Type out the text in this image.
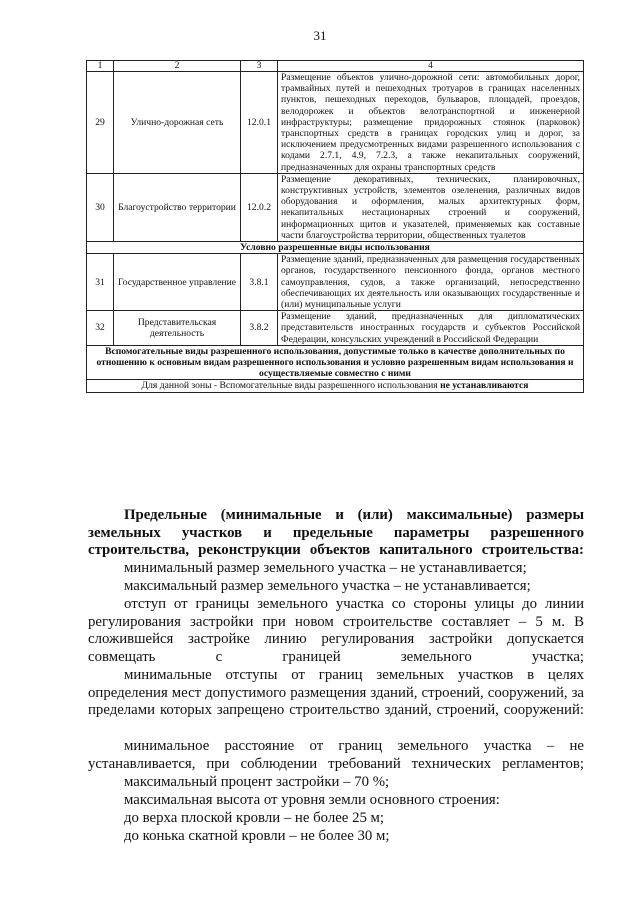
31
1	2	3	4
29	Улично-дорожная сеть	12.0.1	Размещение объектов улично-дорожной сети: автомобильных дорог, трамвайных путей и пешеходных тротуаров в границах населенных пунктов, пешеходных переходов, бульваров, площадей, проездов, велодорожек и объектов велотранспортной и инженерной инфраструктуры; размещение придорожных стоянок (парковок) транспортных средств в границах городских улиц и дорог, за исключением предусмотренных видами разрешенного использования с кодами 2.7.1, 4.9, 7.2.3, а также некапитальных сооружений, предназначенных для охраны транспортных средств
30	Благоустройство территории	12.0.2	Размещение декоративных, технических, планировочных, конструктивных устройств, элементов озеленения, различных видов оборудования и оформления, малых архитектурных форм, некапитальных нестационарных строений и сооружений, информационных щитов и указателей, применяемых как составные части благоустройства территории, общественных туалетов
Условно разрешенные виды использования			
31	Государственное управление	3.8.1	Размещение зданий, предназначенных для размещения государственных органов, государственного пенсионного фонда, органов местного самоуправления, судов, а также организаций, непосредственно обеспечивающих их деятельность или оказывающих государственные и (или) муниципальные услуги
32	Представительская деятельность	3.8.2	Размещение зданий, предназначенных для дипломатических представительств иностранных государств и субъектов Российской Федерации, консульских учреждений в Российской Федерации
Вспомогательные виды разрешенного использования, допустимые только в качестве дополнительных по отношению к основным видам разрешенного использования и условно разрешенным видам использования и осуществляемые совместно с ними			
Для данной зоны - Вспомогательные виды разрешенного использования не устанавливаются			
Предельные (минимальные и (или) максимальные) размеры земельных участков и предельные параметры разрешенного строительства, реконструкции объектов капитального строительства:
минимальный размер земельного участка – не устанавливается;
максимальный размер земельного участка – не устанавливается;
отступ от границы земельного участка со стороны улицы до линии регулирования застройки при новом строительстве составляет – 5 м. В сложившейся застройке линию регулирования застройки допускается совмещать с границей земельного участка;
минимальные отступы от границ земельных участков в целях определения мест допустимого размещения зданий, строений, сооружений, за пределами которых запрещено строительство зданий, строений, сооружений:
минимальное расстояние от границ земельного участка – не устанавливается, при соблюдении требований технических регламентов;
максимальный процент застройки – 70 %;
максимальная высота от уровня земли основного строения:
до верха плоской кровли – не более 25 м;
до конька скатной кровли – не более 30 м;
